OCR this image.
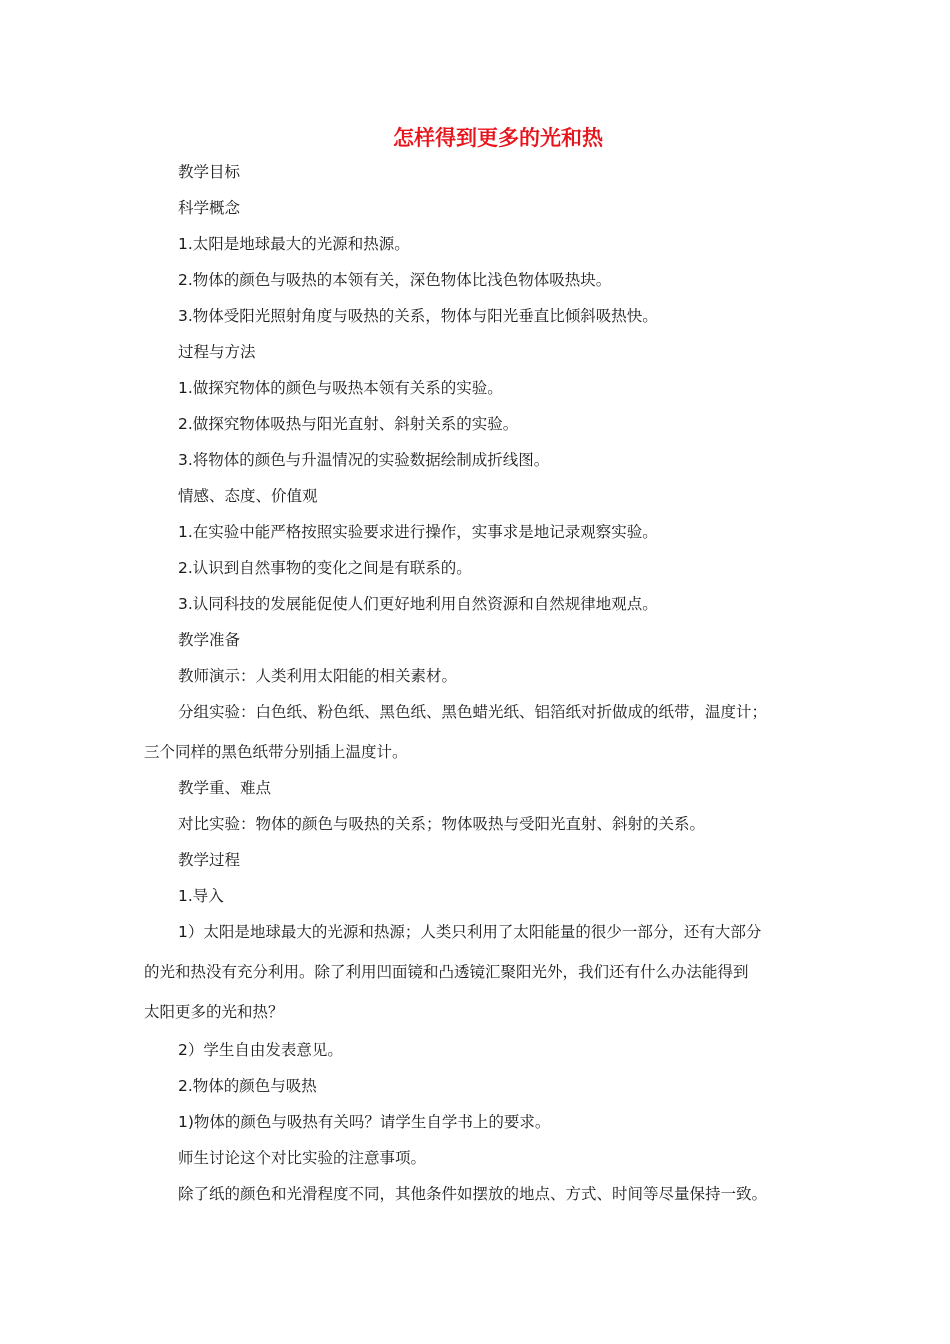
怎样得到更多的光和热
教学目标
科学概念
1.太阳是地球最大的光源和热源。
2.物体的颜色与吸热的本领有关，深色物体比浅色物体吸热块。
3.物体受阳光照射角度与吸热的关系，物体与阳光垂直比倾斜吸热快。
过程与方法
1.做探究物体的颜色与吸热本领有关系的实验。
2.做探究物体吸热与阳光直射、斜射关系的实验。
3.将物体的颜色与升温情况的实验数据绘制成折线图。
情感、态度、价值观
1.在实验中能严格按照实验要求进行操作，实事求是地记录观察实验。
2.认识到自然事物的变化之间是有联系的。
3.认同科技的发展能促使人们更好地利用自然资源和自然规律地观点。
教学准备
教师演示：人类利用太阳能的相关素材。
分组实验：白色纸、粉色纸、黑色纸、黑色蜡光纸、铝箔纸对折做成的纸带，温度计；
三个同样的黑色纸带分别插上温度计。
教学重、难点
对比实验：物体的颜色与吸热的关系；物体吸热与受阳光直射、斜射的关系。
教学过程
1.导入
1）太阳是地球最大的光源和热源；人类只利用了太阳能量的很少一部分，还有大部分
的光和热没有充分利用。除了利用凹面镜和凸透镜汇聚阳光外，我们还有什么办法能得到
太阳更多的光和热？
2）学生自由发表意见。
2.物体的颜色与吸热
1)物体的颜色与吸热有关吗？请学生自学书上的要求。
师生讨论这个对比实验的注意事项。
除了纸的颜色和光滑程度不同，其他条件如摆放的地点、方式、时间等尽量保持一致。
